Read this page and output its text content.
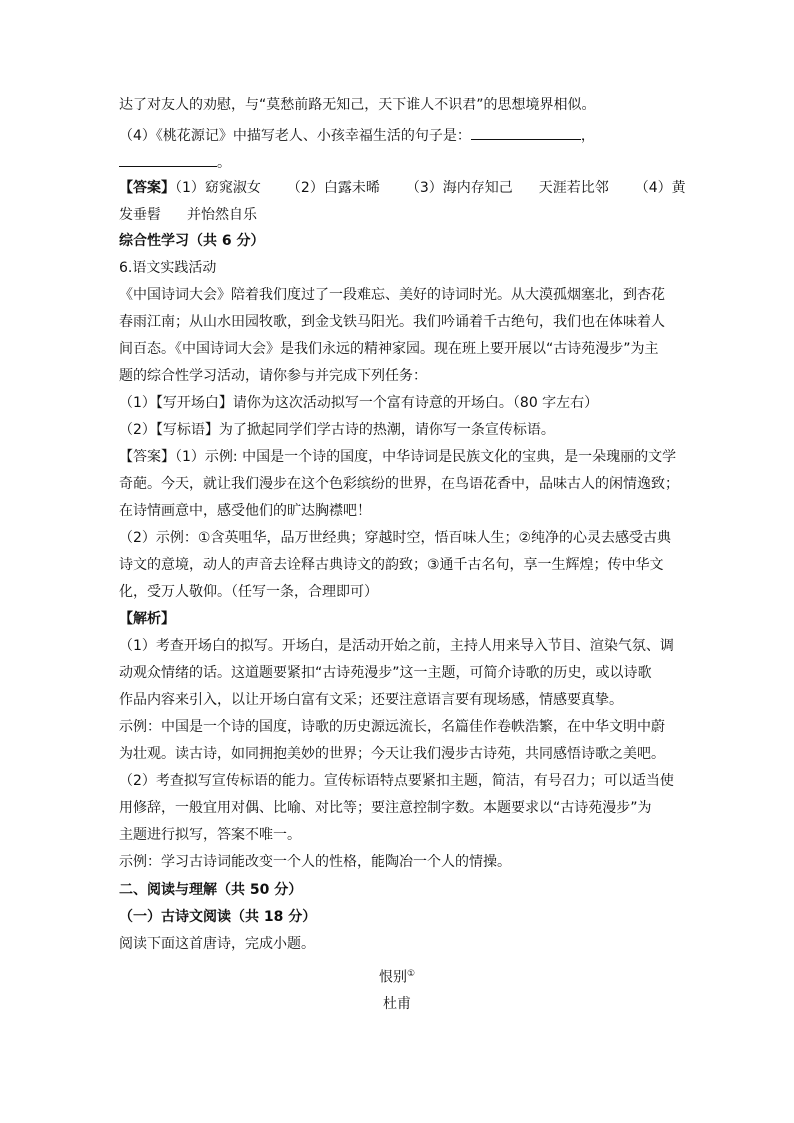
达了对友人的劝慰，与“莫愁前路无知己，天下谁人不识君”的思想境界相似。
（4）《桃花源记》中描写老人、小孩幸福生活的句子是：	，
。
【答案】（1）窈窕淑女 （2）白露未晞 （3）海内存知己 天涯若比邻 （4）黄
发垂髫 并怡然自乐
综合性学习（共 6 分）
6.语文实践活动
《中国诗词大会》陪着我们度过了一段难忘、美好的诗词时光。从大漠孤烟塞北，到杏花
春雨江南；从山水田园牧歌，到金戈铁马阳光。我们吟诵着千古绝句，我们也在体味着人
间百态。《中国诗词大会》是我们永远的精神家园。现在班上要开展以“古诗苑漫步”为主
题的综合性学习活动，请你参与并完成下列任务：
（1）【写开场白】请你为这次活动拟写一个富有诗意的开场白。（80 字左右）
（2）【写标语】为了掀起同学们学古诗的热潮，请你写一条宣传标语。
【答案】（1）示例: 中国是一个诗的国度，中华诗词是民族文化的宝典，是一朵瑰丽的文学
奇葩。今天，就让我们漫步在这个色彩缤纷的世界，在鸟语花香中，品味古人的闲情逸致；
在诗情画意中，感受他们的旷达胸襟吧！
（2）示例：①含英咀华，品万世经典；穿越时空，悟百味人生；②纯净的心灵去感受古典
诗文的意境，动人的声音去诠释古典诗文的韵致；③通千古名句，享一生辉煌；传中华文
化，受万人敬仰。（任写一条，合理即可）
【解析】
（1）考查开场白的拟写。开场白，是活动开始之前，主持人用来导入节目、渲染气氛、调
动观众情绪的话。这道题要紧扣“古诗苑漫步”这一主题，可简介诗歌的历史，或以诗歌
作品内容来引入，以让开场白富有文采；还要注意语言要有现场感，情感要真挚。
示例：中国是一个诗的国度，诗歌的历史源远流长，名篇佳作卷帙浩繁，在中华文明中蔚
为壮观。读古诗，如同拥抱美妙的世界；今天让我们漫步古诗苑，共同感悟诗歌之美吧。
（2）考查拟写宣传标语的能力。宣传标语特点要紧扣主题，简洁，有号召力；可以适当使
用修辞，一般宜用对偶、比喻、对比等；要注意控制字数。本题要求以“古诗苑漫步”为
主题进行拟写，答案不唯一。
示例：学习古诗词能改变一个人的性格，能陶冶一个人的情操。
二、阅读与理解（共 50 分）
（一）古诗文阅读（共 18 分）
阅读下面这首唐诗，完成小题。
恨别①
杜甫
